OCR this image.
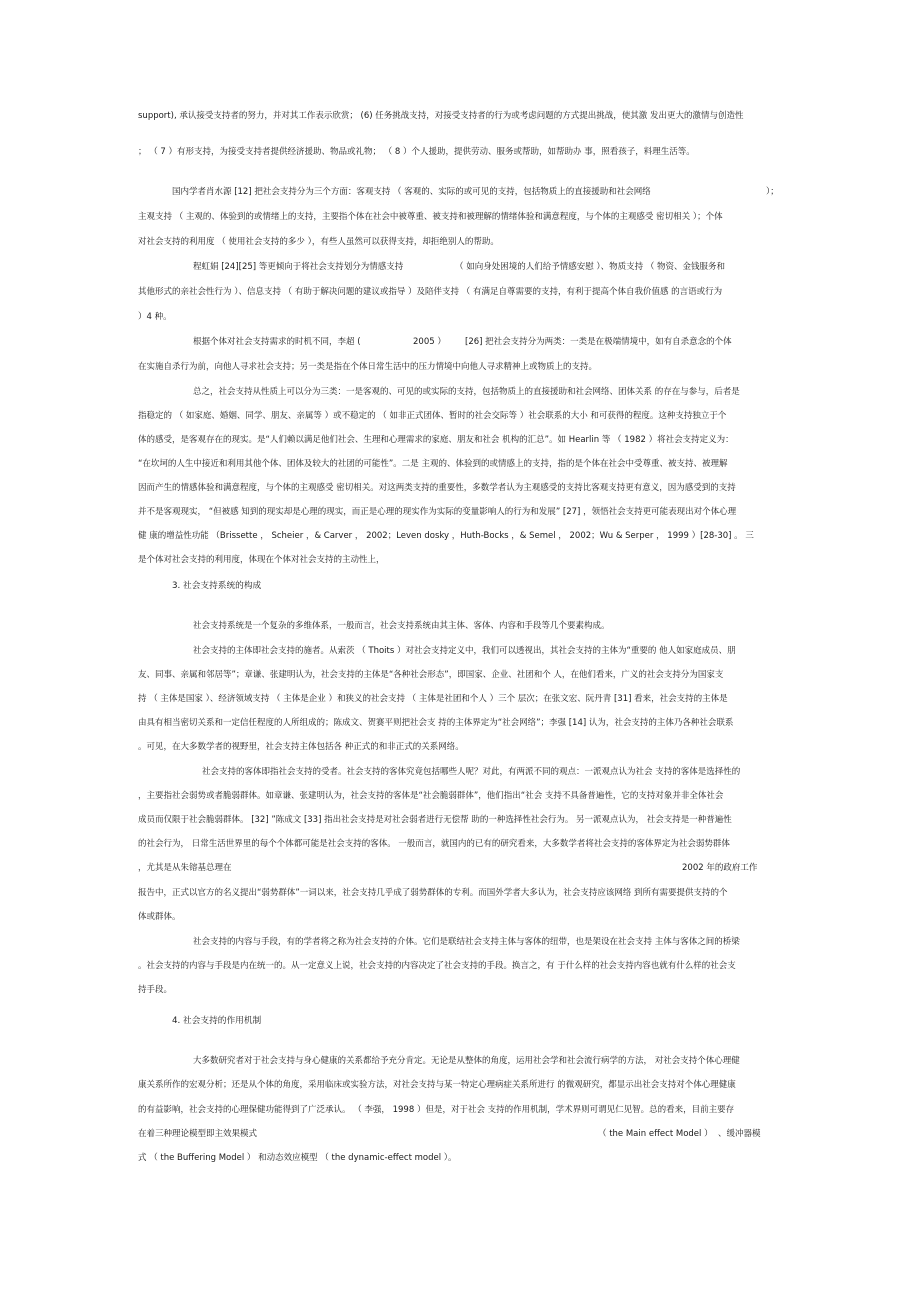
support), 承认接受支持者的努力，并对其工作表示欣赏； (6) 任务挑战支持，对接受支持者的行为或考虑问题的方式提出挑战，使其激 发出更大的激情与创造性
； （ 7 ）有形支持，为接受支持者提供经济援助、物品或礼物； （ 8 ）个人援助，提供劳动、服务或帮助，如帮助办 事，照看孩子，料理生活等。
国内学者肖水源 [12] 把社会支持分为三个方面：客观支持 （ 客观的、实际的或可见的支持，包括物质上的直接援助和社会网络	）；
主观支持 （ 主观的、体验到的或情绪上的支持，主要指个体在社会中被尊重、被支持和被理解的情绪体验和满意程度，与个体的主观感受 密切相关 ）；个体
对社会支持的利用度 （ 使用社会支持的多少 ），有些人虽然可以获得支持，却拒绝别人的帮助。
程虹娟 [24][25] 等更倾向于将社会支持划分为情感支持	（ 如向身处困境的人们给予情感安慰 ）、物质支持 （ 物资、金钱服务和
其他形式的亲社会性行为 ）、信息支持 （ 有助于解决问题的建议或指导 ）及陪伴支持 （ 有满足自尊需要的支持，有利于提高个体自我价值感 的言语或行为
）4 种。
根据个体对社会支持需求的时机不同，李超 (	2005 ） [26] 把社会支持分为两类：一类是在极端情境中，如有自杀意念的个体
在实施自杀行为前，向他人寻求社会支持；另一类是指在个体日常生活中的压力情境中向他人寻求精神上或物质上的支持。
总之，社会支持从性质上可以分为三类：一是客观的、可见的或实际的支持，包括物质上的直接援助和社会网络、团体关系 的存在与参与，后者是
指稳定的 （ 如家庭、婚姻、同学、朋友、亲属等 ）或不稳定的 （ 如非正式团体、暂时的社会交际等 ）社会联系的大小 和可获得的程度。这种支持独立于个
体的感受，是客观存在的现实。是“人们赖以满足他们社会、生理和心理需求的家庭、朋友和社会 机构的汇总”。如 Hearlin 等 （ 1982 ）将社会支持定义为：
“在坎坷的人生中接近和利用其他个体、团体及较大的社团的可能性”。二是 主观的、体验到的或情感上的支持，指的是个体在社会中受尊重、被支持、被理解
因而产生的情感体验和满意程度，与个体的主观感受 密切相关。对这两类支持的重要性，多数学者认为主观感受的支持比客观支持更有意义，因为感受到的支持
并不是客观现实， “但被感 知到的现实却是心理的现实，而正是心理的现实作为实际的变量影响人的行为和发展” [27] ，领悟社会支持更可能表现出对个体心理
健 康的增益性功能 （Brissette ， Scheier ，& Carver ， 2002；Leven dosky ，Huth-Bocks ，& Semel ， 2002；Wu & Serper ， 1999 ）[28-30] 。 三
是个体对社会支持的利用度，体现在个体对社会支持的主动性上，
3. 社会支持系统的构成
社会支持系统是一个复杂的多维体系，一般而言，社会支持系统由其主体、客体、内容和手段等几个要素构成。
社会支持的主体即社会支持的施者。从索茨 （ Thoits ）对社会支持定义中，我们可以透视出，其社会支持的主体为“重要的 他人如家庭成员、朋
友、同事、亲属和邻居等”；章谦、张建明认为，社会支持的主体是“各种社会形态”，即国家、企业、社团和个 人，在他们看来，广义的社会支持分为国家支
持 （ 主体是国家 ）、经济领域支持 （ 主体是企业 ）和狭义的社会支持 （ 主体是社团和个人 ）三个 层次；在张文宏、阮丹青 [31] 看来，社会支持的主体是
由具有相当密切关系和一定信任程度的人所组成的；陈成文、贺赛平则把社会支 持的主体界定为“社会网络”；李强 [14] 认为，社会支持的主体乃各种社会联系
。可见，在大多数学者的视野里，社会支持主体包括各 种正式的和非正式的关系网络。
社会支持的客体即指社会支持的受者。社会支持的客体究竟包括哪些人呢？对此，有两派不同的观点：一派观点认为社会 支持的客体是选择性的
，主要指社会弱势或者脆弱群体。如章谦、张建明认为，社会支持的客体是“社会脆弱群体”，他们指出“社会 支持不具备普遍性，它的支持对象并非全体社会
成员而仅限于社会脆弱群体。 [32] ”陈成文 [33] 指出社会支持是对社会弱者进行无偿帮 助的一种选择性社会行为。 另一派观点认为， 社会支持是一种普遍性
的社会行为， 日常生活世界里的每个个体都可能是社会支持的客体。 一般而言，就国内的已有的研究看来，大多数学者将社会支持的客体界定为社会弱势群体
，尤其是从朱镕基总理在	2002 年的政府工作
报告中，正式以官方的名义提出“弱势群体”一词以来，社会支持几乎成了弱势群体的专利。而国外学者大多认为，社会支持应该网络 到所有需要提供支持的个
体或群体。
社会支持的内容与手段，有的学者将之称为社会支持的介体。它们是联结社会支持主体与客体的纽带，也是架设在社会支持 主体与客体之间的桥梁
。社会支持的内容与手段是内在统一的。从一定意义上说，社会支持的内容决定了社会支持的手段。换言之，有 于什么样的社会支持内容也就有什么样的社会支
持手段。
4. 社会支持的作用机制
大多数研究者对于社会支持与身心健康的关系都给予充分肯定。无论是从整体的角度，运用社会学和社会流行病学的方法， 对社会支持个体心理健
康关系所作的宏观分析；还是从个体的角度，采用临床或实验方法，对社会支持与某一特定心理病症关系所进行 的微观研究，都显示出社会支持对个体心理健康
的有益影响，社会支持的心理保健功能得到了广泛承认。 （ 李强， 1998 ）但是，对于社会 支持的作用机制，学术界则可谓见仁见智。总的看来，目前主要存
在着三种理论模型即主效果模式	（ the Main effect Model ） 、缓冲器模
式 （ the Buffering Model ） 和动态效应模型 （ the dynamic-effect model ）。
